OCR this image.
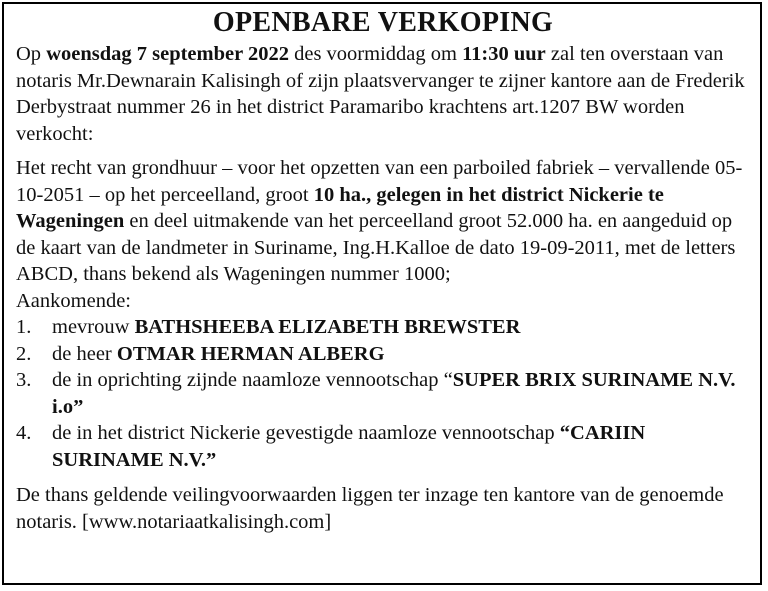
OPENBARE VERKOPING

Op woensdag 7 september 2022 des voormiddag om 11:30 uur zal ten overstaan van notaris Mr.Dewnarain Kalisingh of zijn plaatsvervanger te zijner kantore aan de Frederik Derbystraat nummer 26 in het district Paramaribo krachtens art.1207 BW worden verkocht:

Het recht van grondhuur – voor het opzetten van een parboiled fabriek – vervallende 05-10-2051 – op het perceelland, groot 10 ha., gelegen in het district Nickerie te Wageningen en deel uitmakende van het perceelland groot 52.000 ha. en aangeduid op de kaart van de landmeter in Suriname, Ing.H.Kalloe de dato 19-09-2011, met de letters ABCD, thans bekend als Wageningen nummer 1000;

Aankomende:

1.	mevrouw BATHSHEEBA ELIZABETH BREWSTER
2.	de heer OTMAR HERMAN ALBERG
3.	de in oprichting zijnde naamloze vennootschap “SUPER BRIX SURINAME N.V. i.o”
4.	de in het district Nickerie gevestigde naamloze vennootschap “CARIIN SURINAME N.V.”

De thans geldende veilingvoorwaarden liggen ter inzage ten kantore van de genoemde notaris. [www.notariaatkalisingh.com]
